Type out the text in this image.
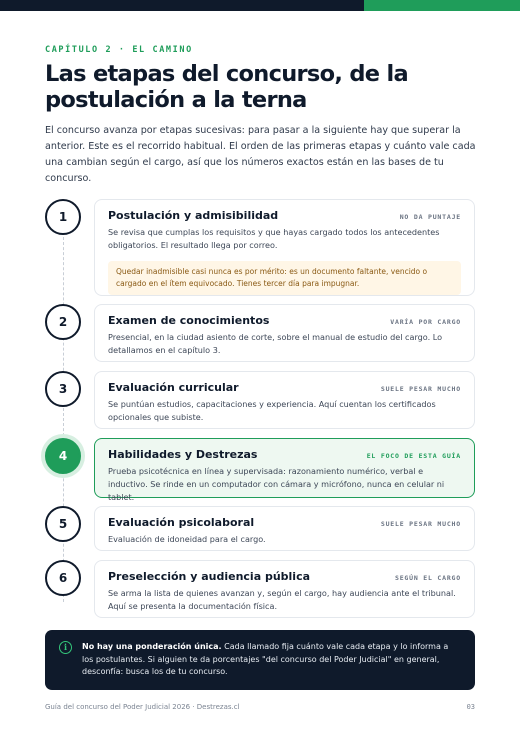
CAPÍTULO 2 · EL CAMINO
Las etapas del concurso, de la postulación a la terna

El concurso avanza por etapas sucesivas: para pasar a la siguiente hay que superar la anterior. Este es el recorrido habitual. El orden de las primeras etapas y cuánto vale cada una cambian según el cargo, así que los números exactos están en las bases de tu concurso.

1	Postulación y admisibilidad	NO DA PUNTAJE
Se revisa que cumplas los requisitos y que hayas cargado todos los antecedentes obligatorios. El resultado llega por correo.
Quedar inadmisible casi nunca es por mérito: es un documento faltante, vencido o cargado en el ítem equivocado. Tienes tercer día para impugnar.
2	Examen de conocimientos	VARÍA POR CARGO
Presencial, en la ciudad asiento de corte, sobre el manual de estudio del cargo. Lo detallamos en el capítulo 3.
3	Evaluación curricular	SUELE PESAR MUCHO
Se puntúan estudios, capacitaciones y experiencia. Aquí cuentan los certificados opcionales que subiste.
4	Habilidades y Destrezas	EL FOCO DE ESTA GUÍA
Prueba psicotécnica en línea y supervisada: razonamiento numérico, verbal e inductivo. Se rinde en un computador con cámara y micrófono, nunca en celular ni tablet.
5	Evaluación psicolaboral	SUELE PESAR MUCHO
Evaluación de idoneidad para el cargo.
6	Preselección y audiencia pública	SEGÚN EL CARGO
Se arma la lista de quienes avanzan y, según el cargo, hay audiencia ante el tribunal. Aquí se presenta la documentación física.
i	No hay una ponderación única. Cada llamado fija cuánto vale cada etapa y lo informa a los postulantes. Si alguien te da porcentajes "del concurso del Poder Judicial" en general, desconfía: busca los de tu concurso.
Guía del concurso del Poder Judicial 2026 · Destrezas.cl	03
